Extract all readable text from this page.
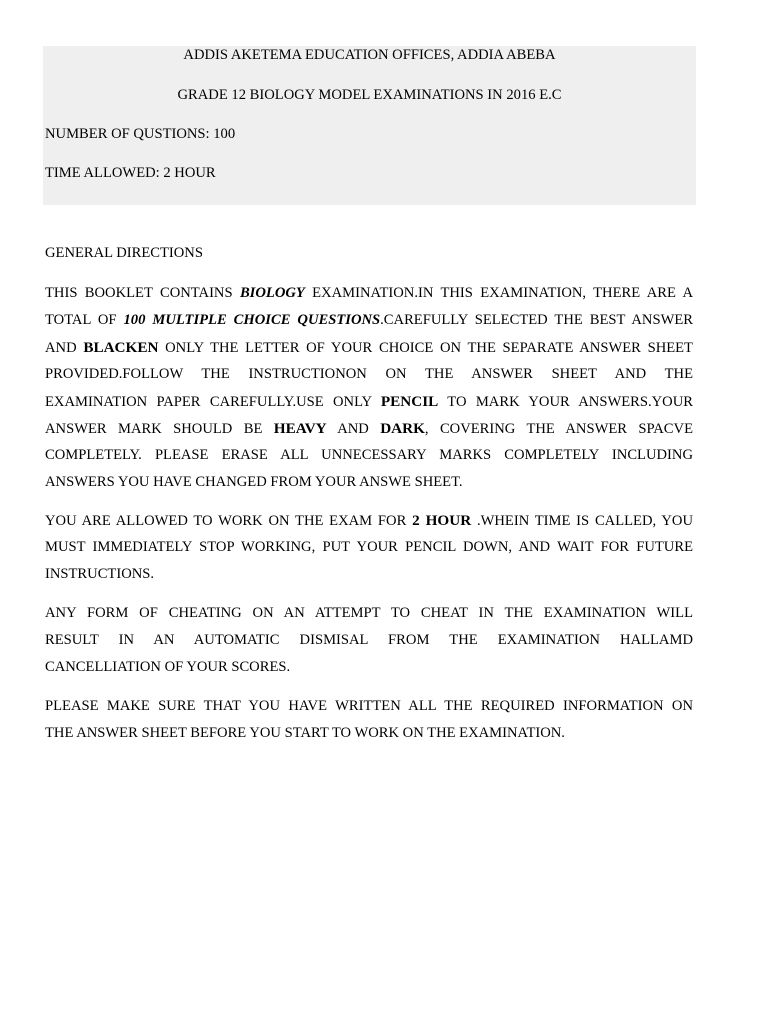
ADDIS AKETEMA EDUCATION OFFICES, ADDIA ABEBA
GRADE 12 BIOLOGY MODEL EXAMINATIONS IN 2016 E.C
NUMBER OF QUSTIONS: 100
TIME ALLOWED: 2 HOUR
GENERAL DIRECTIONS
THIS BOOKLET CONTAINS BIOLOGY EXAMINATION.IN THIS EXAMINATION, THERE ARE A
TOTAL OF 100 MULTIPLE CHOICE QUESTIONS.CAREFULLY SELECTED THE BEST ANSWER
AND BLACKEN ONLY THE LETTER OF YOUR CHOICE ON THE SEPARATE ANSWER SHEET
PROVIDED.FOLLOW THE INSTRUCTIONON ON THE ANSWER SHEET AND THE
EXAMINATION PAPER CAREFULLY.USE ONLY PENCIL TO MARK YOUR ANSWERS.YOUR
ANSWER MARK SHOULD BE HEAVY AND DARK, COVERING THE ANSWER SPACVE
COMPLETELY. PLEASE ERASE ALL UNNECESSARY MARKS COMPLETELY INCLUDING
ANSWERS YOU HAVE CHANGED FROM YOUR ANSWE SHEET.
YOU ARE ALLOWED TO WORK ON THE EXAM FOR 2 HOUR .WHEIN TIME IS CALLED, YOU
MUST IMMEDIATELY STOP WORKING, PUT YOUR PENCIL DOWN, AND WAIT FOR FUTURE
INSTRUCTIONS.
ANY FORM OF CHEATING ON AN ATTEMPT TO CHEAT IN THE EXAMINATION WILL
RESULT IN AN AUTOMATIC DISMISAL FROM THE EXAMINATION HALLAMD
CANCELLIATION OF YOUR SCORES.
PLEASE MAKE SURE THAT YOU HAVE WRITTEN ALL THE REQUIRED INFORMATION ON
THE ANSWER SHEET BEFORE YOU START TO WORK ON THE EXAMINATION.
